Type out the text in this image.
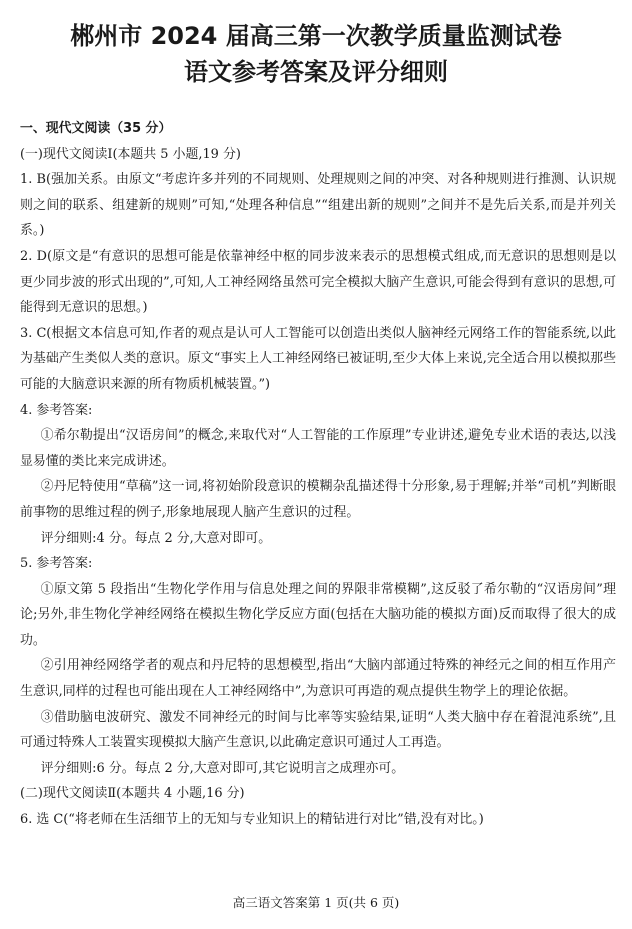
郴州市 2024 届高三第一次教学质量监测试卷
语文参考答案及评分细则

一、现代文阅读（35 分）

(一)现代文阅读Ⅰ(本题共 5 小题,19 分)

1. B(强加关系。由原文“考虑许多并列的不同规则、处理规则之间的冲突、对各种规则进行推测、认识规则之间的联系、组建新的规则”可知,“处理各种信息”“组建出新的规则”之间并不是先后关系,而是并列关系。)

2. D(原文是“有意识的思想可能是依靠神经中枢的同步波来表示的思想模式组成,而无意识的思想则是以更少同步波的形式出现的”,可知,人工神经网络虽然可完全模拟大脑产生意识,可能会得到有意识的思想,可能得到无意识的思想。)

3. C(根据文本信息可知,作者的观点是认可人工智能可以创造出类似人脑神经元网络工作的智能系统,以此为基础产生类似人类的意识。原文“事实上人工神经网络已被证明,至少大体上来说,完全适合用以模拟那些可能的大脑意识来源的所有物质机械装置。”)

4. 参考答案:

①希尔勒提出“汉语房间”的概念,来取代对“人工智能的工作原理”专业讲述,避免专业术语的表达,以浅显易懂的类比来完成讲述。

②丹尼特使用“草稿”这一词,将初始阶段意识的模糊杂乱描述得十分形象,易于理解;并举“司机”判断眼前事物的思维过程的例子,形象地展现人脑产生意识的过程。

评分细则:4 分。每点 2 分,大意对即可。

5. 参考答案:

①原文第 5 段指出“生物化学作用与信息处理之间的界限非常模糊”,这反驳了希尔勒的“汉语房间”理论;另外,非生物化学神经网络在模拟生物化学反应方面(包括在大脑功能的模拟方面)反而取得了很大的成功。

②引用神经网络学者的观点和丹尼特的思想模型,指出“大脑内部通过特殊的神经元之间的相互作用产生意识,同样的过程也可能出现在人工神经网络中”,为意识可再造的观点提供生物学上的理论依据。

③借助脑电波研究、激发不同神经元的时间与比率等实验结果,证明“人类大脑中存在着混沌系统”,且可通过特殊人工装置实现模拟大脑产生意识,以此确定意识可通过人工再造。

评分细则:6 分。每点 2 分,大意对即可,其它说明言之成理亦可。

(二)现代文阅读Ⅱ(本题共 4 小题,16 分)

6. 选 C(“将老师在生活细节上的无知与专业知识上的精钻进行对比”错,没有对比。)

高三语文答案第 1 页(共 6 页)
